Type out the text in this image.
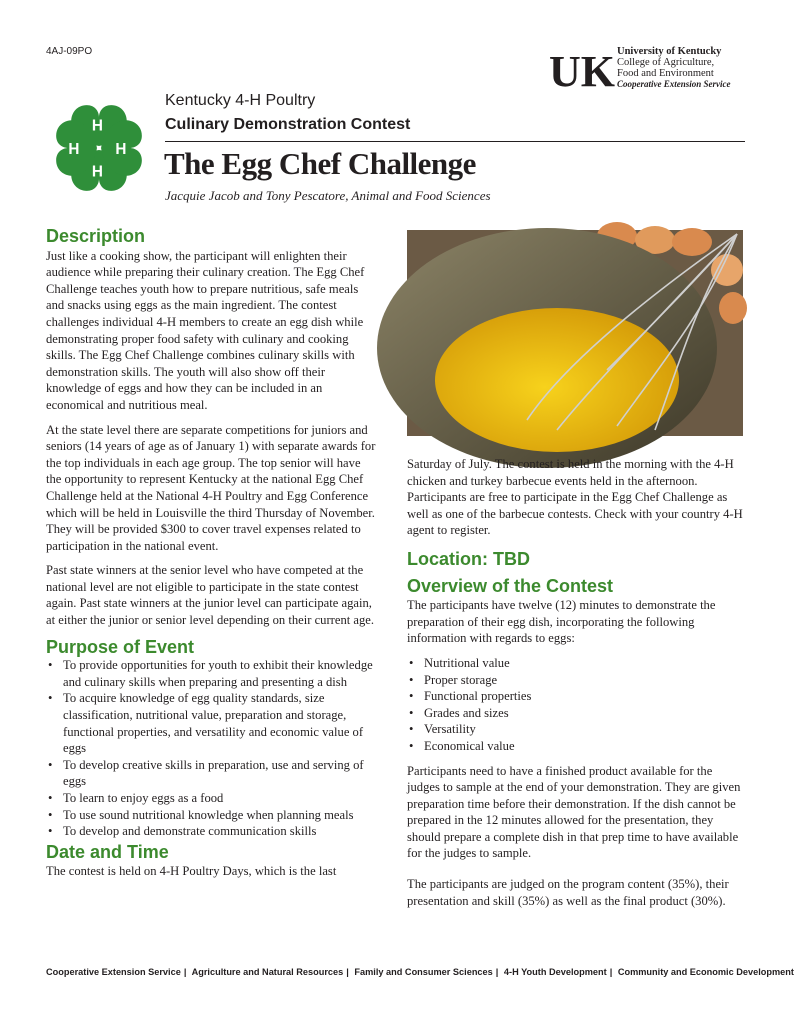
4AJ-09PO	UK University of Kentucky
College of Agriculture,
Food and Environment
Cooperative Extension Service
H
H
H H
Kentucky 4-H Poultry
Culinary Demonstration Contest
The Egg Chef Challenge
Jacquie Jacob and Tony Pescatore, Animal and Food Sciences
Description

Just like a cooking show, the participant will enlighten their audience while preparing their culinary creation. The Egg Chef Challenge teaches youth how to prepare nutritious, safe meals and snacks using eggs as the main ingredient. The contest challenges individual 4-H members to create an egg dish while demonstrating proper food safety with culinary and cooking skills. The Egg Chef Challenge combines culinary skills with demonstration skills. The youth will also show off their knowledge of eggs and how they can be included in an economical and nutritious meal.

At the state level there are separate competitions for juniors and seniors (14 years of age as of January 1) with separate awards for the top individuals in each age group. The top senior will have the opportunity to represent Kentucky at the national Egg Chef Challenge held at the National 4-H Poultry and Egg Conference which will be held in Louisville the third Thursday of November. They will be provided $300 to cover travel expenses related to participation in the national event.

Past state winners at the senior level who have competed at the national level are not eligible to participate in the state contest again. Past state winners at the junior level can participate again, at either the junior or senior level depending on their current age.

Purpose of Event
• To provide opportunities for youth to exhibit their knowledge and culinary skills when preparing and presenting a dish
• To acquire knowledge of egg quality standards, size classification, nutritional value, preparation and storage, functional properties, and versatility and economic value of eggs
• To develop creative skills in preparation, use and serving of eggs
• To learn to enjoy eggs as a food
• To use sound nutritional knowledge when planning meals
• To develop and demonstrate communication skills
Date and Time

The contest is held on 4-H Poultry Days, which is the last

Saturday of July. The contest is held in the morning with the 4-H chicken and turkey barbecue events held in the afternoon. Participants are free to participate in the Egg Chef Challenge as well as one of the barbecue contests. Check with your country 4-H agent to register.

Location: TBD
Overview of the Contest

The participants have twelve (12) minutes to demonstrate the preparation of their egg dish, incorporating the following information with regards to eggs:

• Nutritional value
• Proper storage
• Functional properties
• Grades and sizes
• Versatility
• Economical value

Participants need to have a finished product available for the judges to sample at the end of your demonstration. They are given preparation time before their demonstration. If the dish cannot be prepared in the 12 minutes allowed for the presentation, they should prepare a complete dish in that prep time to have available for the judges to sample.

The participants are judged on the program content (35%), their presentation and skill (35%) as well as the final product (30%).

Cooperative Extension Service | Agriculture and Natural Resources | Family and Consumer Sciences | 4-H Youth Development | Community and Economic Development
